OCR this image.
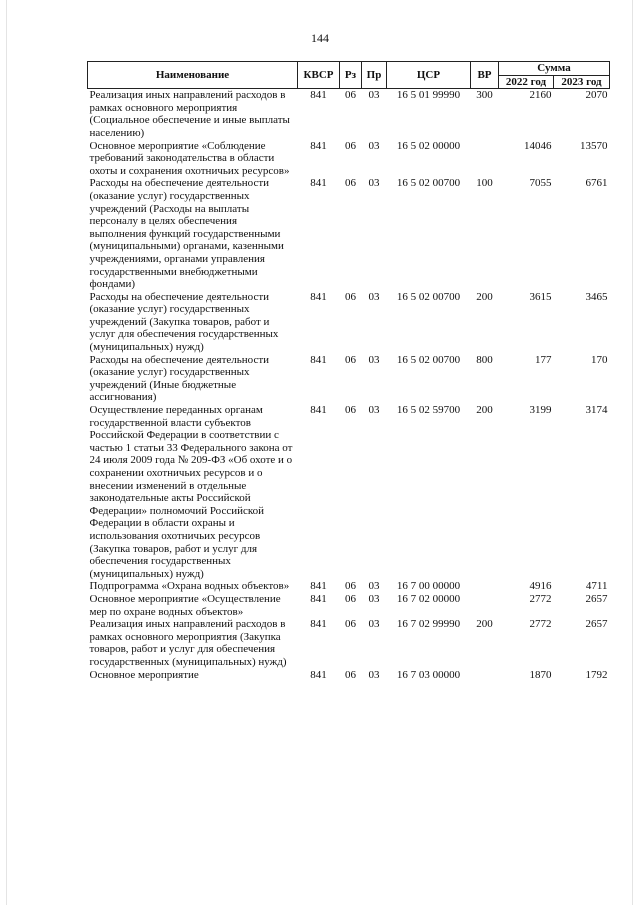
144
Наименование	КВСР	Рз	Пр	ЦСР	ВР	Сумма	
						2022 год	2023 год
Реализация иных направлений расходов в рамках основного мероприятия (Социальное обеспечение и иные выплаты населению)	841	06	03	16 5 01 99990	300	2160	2070
Основное мероприятие «Соблюдение требований законодательства в области охоты и сохранения охотничьих ресурсов»	841	06	03	16 5 02 00000		14046	13570
Расходы на обеспечение деятельности (оказание услуг) государственных учреждений (Расходы на выплаты персоналу в целях обеспечения выполнения функций государственными (муниципальными) органами, казенными учреждениями, органами управления государственными внебюджетными фондами)	841	06	03	16 5 02 00700	100	7055	6761
Расходы на обеспечение деятельности (оказание услуг) государственных учреждений (Закупка товаров, работ и услуг для обеспечения государственных (муниципальных) нужд)	841	06	03	16 5 02 00700	200	3615	3465
Расходы на обеспечение деятельности (оказание услуг) государственных учреждений (Иные бюджетные ассигнования)	841	06	03	16 5 02 00700	800	177	170
Осуществление переданных органам государственной власти субъектов Российской Федерации в соответствии с частью 1 статьи 33 Федерального закона от 24 июля 2009 года № 209-ФЗ «Об охоте и о сохранении охотничьих ресурсов и о внесении изменений в отдельные законодательные акты Российской Федерации» полномочий Российской Федерации в области охраны и использования охотничьих ресурсов (Закупка товаров, работ и услуг для обеспечения государственных (муниципальных) нужд)	841	06	03	16 5 02 59700	200	3199	3174
Подпрограмма «Охрана водных объектов»	841	06	03	16 7 00 00000		4916	4711
Основное мероприятие «Осуществление мер по охране водных объектов»	841	06	03	16 7 02 00000		2772	2657
Реализация иных направлений расходов в рамках основного мероприятия (Закупка товаров, работ и услуг для обеспечения государственных (муниципальных) нужд)	841	06	03	16 7 02 99990	200	2772	2657
Основное мероприятие	841	06	03	16 7 03 00000		1870	1792
